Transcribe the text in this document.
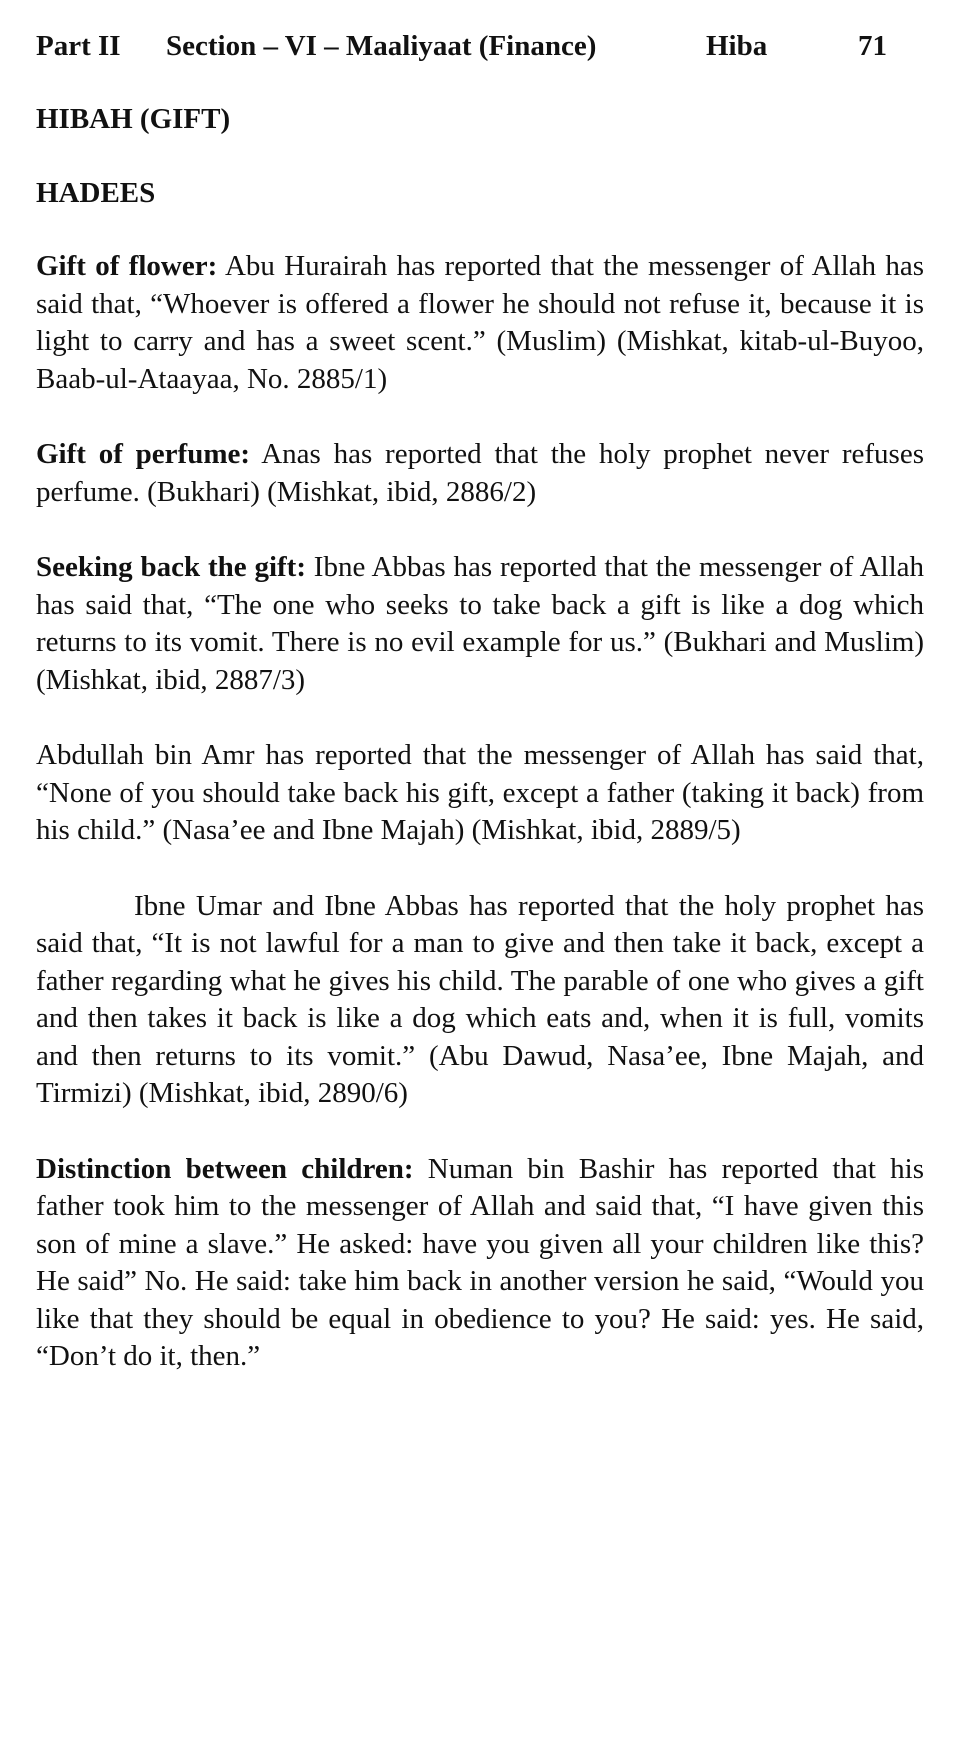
Part II	Section – VI – Maaliyaat (Finance)	Hiba	71
HIBAH (GIFT)
HADEES

Gift of flower: Abu Hurairah has reported that the messenger of Allah has said that, “Whoever is offered a flower he should not refuse it, because it is light to carry and has a sweet scent.” (Muslim) (Mishkat, kitab-ul-Buyoo, Baab-ul-Ataayaa, No. 2885/1)

Gift of perfume: Anas has reported that the holy prophet never refuses perfume. (Bukhari) (Mishkat, ibid, 2886/2)

Seeking back the gift: Ibne Abbas has reported that the messenger of Allah has said that, “The one who seeks to take back a gift is like a dog which returns to its vomit. There is no evil example for us.” (Bukhari and Muslim) (Mishkat, ibid, 2887/3)

Abdullah bin Amr has reported that the messenger of Allah has said that, “None of you should take back his gift, except a father (taking it back) from his child.” (Nasa’ee and Ibne Majah) (Mishkat, ibid, 2889/5)

Ibne Umar and Ibne Abbas has reported that the holy prophet has said that, “It is not lawful for a man to give and then take it back, except a father regarding what he gives his child. The parable of one who gives a gift and then takes it back is like a dog which eats and, when it is full, vomits and then returns to its vomit.” (Abu Dawud, Nasa’ee, Ibne Majah, and Tirmizi) (Mishkat, ibid, 2890/6)

Distinction between children: Numan bin Bashir has reported that his father took him to the messenger of Allah and said that, “I have given this son of mine a slave.” He asked: have you given all your children like this? He said” No. He said: take him back in another version he said, “Would you like that they should be equal in obedience to you? He said: yes. He said, “Don’t do it, then.”
